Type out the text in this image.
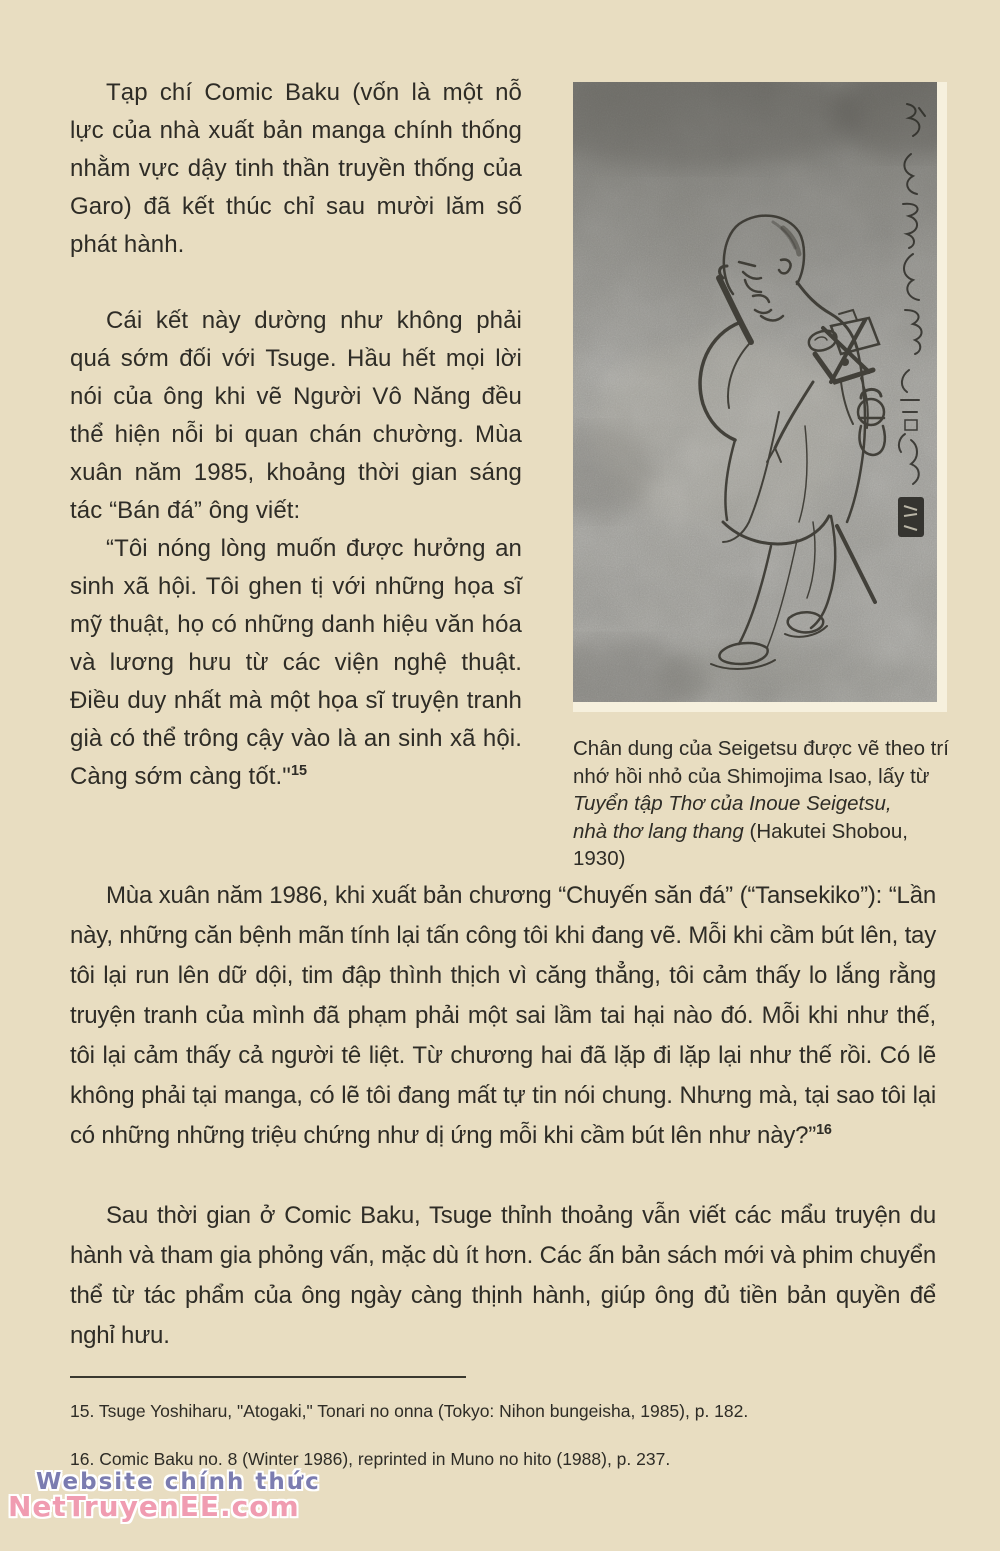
Tạp chí Comic Baku (vốn là một nỗ lực của nhà xuất bản manga chính thống nhằm vực dậy tinh thần truyền thống của Garo) đã kết thúc chỉ sau mười lăm số phát hành.

Cái kết này dường như không phải quá sớm đối với Tsuge. Hầu hết mọi lời nói của ông khi vẽ Người Vô Năng đều thể hiện nỗi bi quan chán chường. Mùa xuân năm 1985, khoảng thời gian sáng tác “Bán đá” ông viết:

“Tôi nóng lòng muốn được hưởng an sinh xã hội. Tôi ghen tị với những họa sĩ mỹ thuật, họ có những danh hiệu văn hóa và lương hưu từ các viện nghệ thuật. Điều duy nhất mà một họa sĩ truyện tranh già có thể trông cậy vào là an sinh xã hội. Càng sớm càng tốt."$^{15}$

Chân dung của Seigetsu được vẽ theo trí
nhớ hồi nhỏ của Shimojima Isao, lấy từ
Tuyển tập Thơ của Inoue Seigetsu,
nhà thơ lang thang (Hakutei Shobou, 1930)

Mùa xuân năm 1986, khi xuất bản chương “Chuyến săn đá” (“Tansekiko”): “Lần này, những căn bệnh mãn tính lại tấn công tôi khi đang vẽ. Mỗi khi cầm bút lên, tay tôi lại run lên dữ dội, tim đập thình thịch vì căng thẳng, tôi cảm thấy lo lắng rằng truyện tranh của mình đã phạm phải một sai lầm tai hại nào đó. Mỗi khi như thế, tôi lại cảm thấy cả người tê liệt. Từ chương hai đã lặp đi lặp lại như thế rồi. Có lẽ không phải tại manga, có lẽ tôi đang mất tự tin nói chung. Nhưng mà, tại sao tôi lại có những những triệu chứng như dị ứng mỗi khi cầm bút lên như này?”$^{16}$

Sau thời gian ở Comic Baku, Tsuge thỉnh thoảng vẫn viết các mẩu truyện du hành và tham gia phỏng vấn, mặc dù ít hơn. Các ấn bản sách mới và phim chuyển thể từ tác phẩm của ông ngày càng thịnh hành, giúp ông đủ tiền bản quyền để nghỉ hưu.

15. Tsuge Yoshiharu, "Atogaki," Tonari no onna (Tokyo: Nihon bungeisha, 1985), p. 182.

16. Comic Baku no. 8 (Winter 1986), reprinted in Muno no hito (1988), p. 237.

Website chính thức
NetTruyenEE.com
